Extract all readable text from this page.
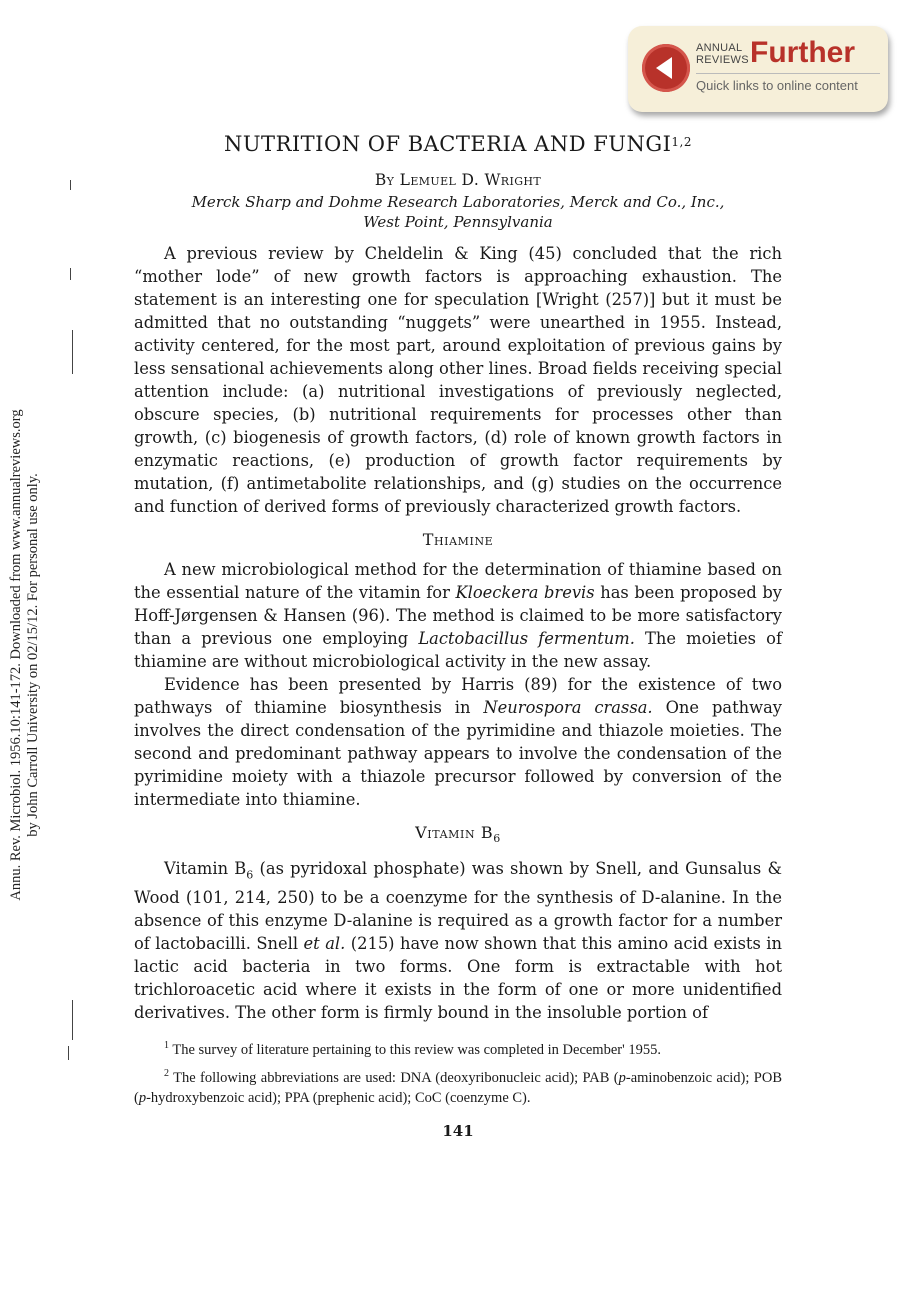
ANNUAL
REVIEWS Further
Quick links to online content
Annu. Rev. Microbiol. 1956.10:141-172. Downloaded from www.annualreviews.org by John Carroll University on 02/15/12. For personal use only.
NUTRITION OF BACTERIA AND FUNGI$^{1,2}$
By Lemuel D. Wright
Merck Sharp and Dohme Research Laboratories, Merck and Co., Inc.,
West Point, Pennsylvania

A previous review by Cheldelin & King (45) concluded that the rich “mother lode” of new growth factors is approaching exhaustion. The statement is an interesting one for speculation [Wright (257)] but it must be admitted that no outstanding “nuggets” were unearthed in 1955. Instead, activity centered, for the most part, around exploitation of previous gains by less sensational achievements along other lines. Broad fields receiving special attention include: (a) nutritional investigations of previously neglected, obscure species, (b) nutritional requirements for processes other than growth, (c) biogenesis of growth factors, (d) role of known growth factors in enzymatic reactions, (e) production of growth factor requirements by mutation, (f) antimetabolite relationships, and (g) studies on the occurrence and function of derived forms of previously characterized growth factors.

Thiamine

A new microbiological method for the determination of thiamine based on the essential nature of the vitamin for Kloeckera brevis has been proposed by Hoff-Jørgensen & Hansen (96). The method is claimed to be more satisfactory than a previous one employing Lactobacillus fermentum. The moieties of thiamine are without microbiological activity in the new assay.

Evidence has been presented by Harris (89) for the existence of two pathways of thiamine biosynthesis in Neurospora crassa. One pathway involves the direct condensation of the pyrimidine and thiazole moieties. The second and predominant pathway appears to involve the condensation of the pyrimidine moiety with a thiazole precursor followed by conversion of the intermediate into thiamine.

Vitamin $B_6$

Vitamin $B_6$ (as pyridoxal phosphate) was shown by Snell, and Gunsalus & Wood (101, 214, 250) to be a coenzyme for the synthesis of D-alanine. In the absence of this enzyme D-alanine is required as a growth factor for a number of lactobacilli. Snell et al. (215) have now shown that this amino acid exists in lactic acid bacteria in two forms. One form is extractable with hot trichloroacetic acid where it exists in the form of one or more unidentified derivatives. The other form is firmly bound in the insoluble portion of

$^1$ The survey of literature pertaining to this review was completed in December' 1955.

$^2$ The following abbreviations are used: DNA (deoxyribonucleic acid); PAB (p-aminobenzoic acid); POB (p-hydroxybenzoic acid); PPA (prephenic acid); CoC (coenzyme C).

141
